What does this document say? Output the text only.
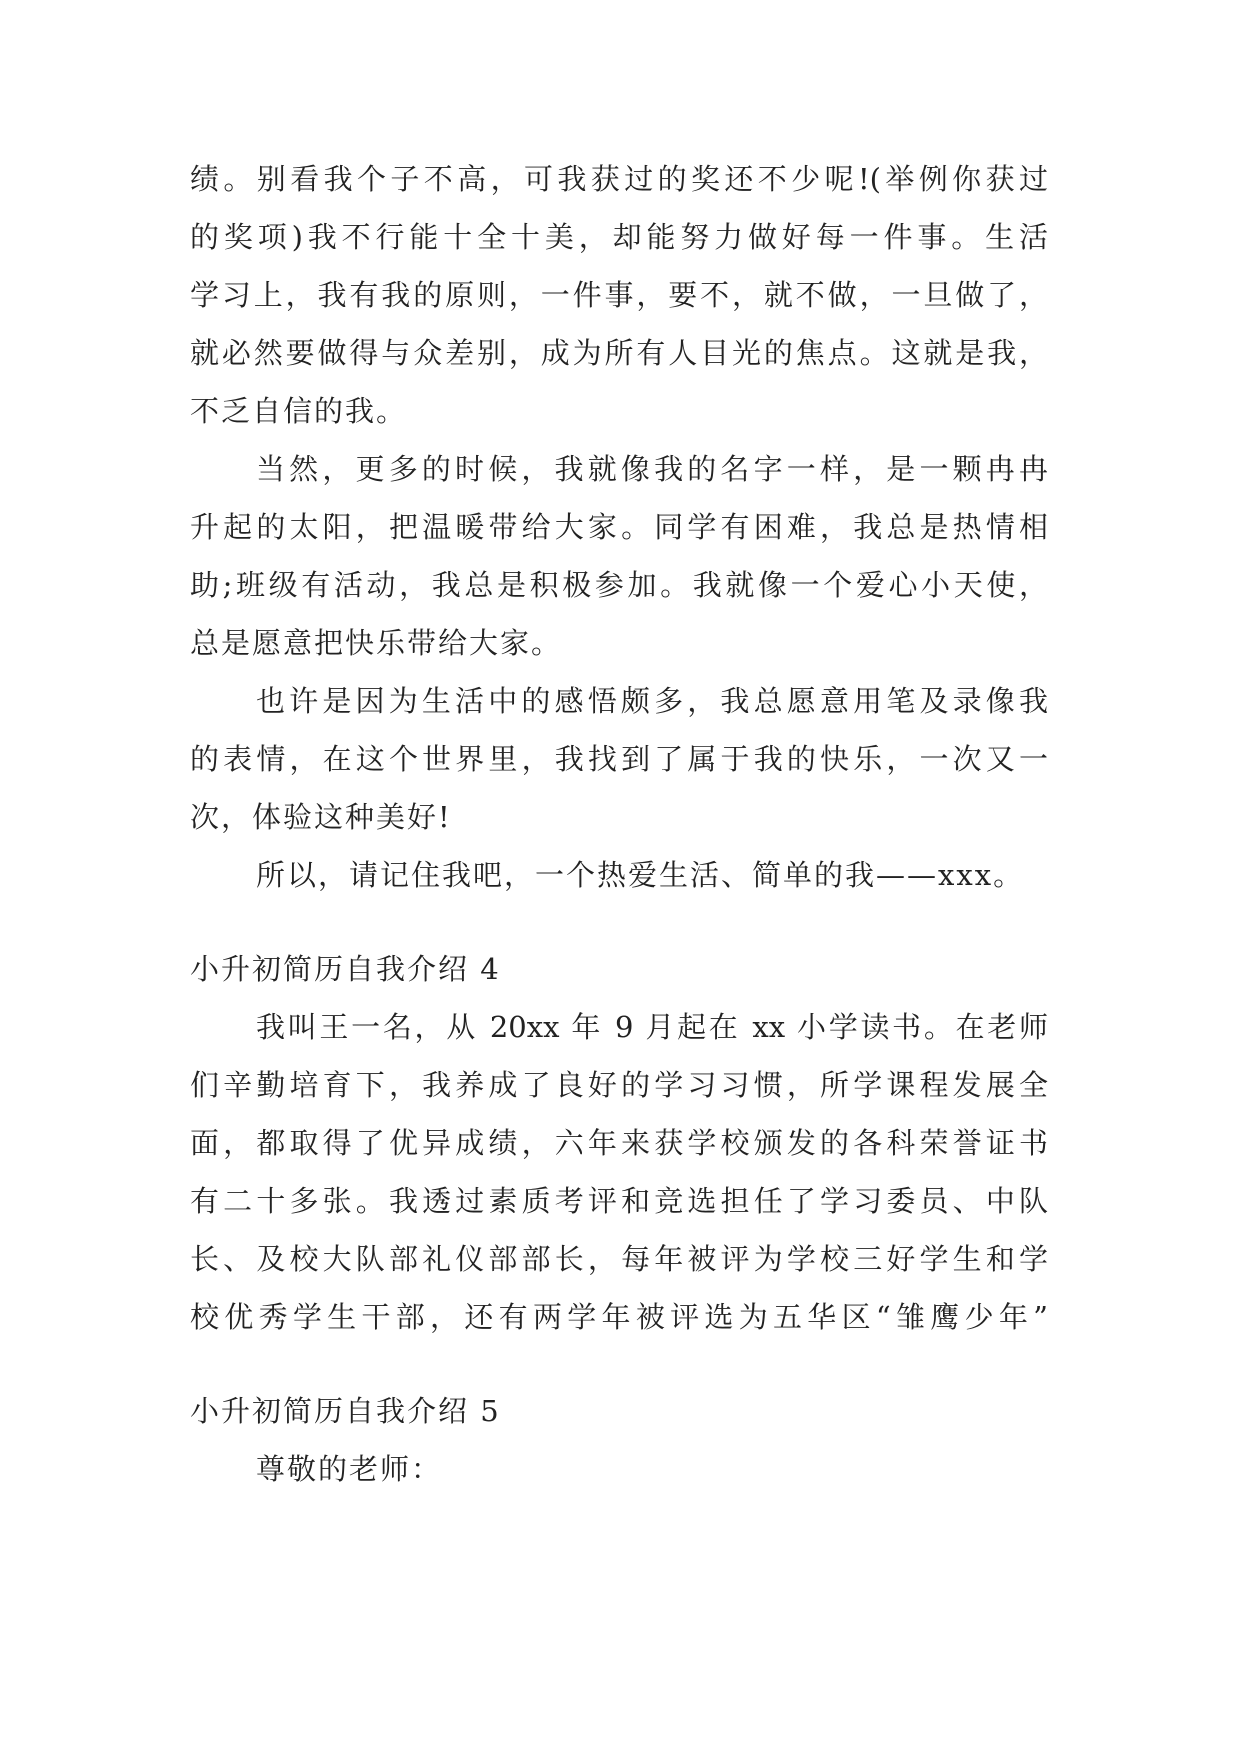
绩。别看我个子不高，可我获过的奖还不少呢!(举例你获过
的奖项)我不行能十全十美，却能努力做好每一件事。生活
学习上，我有我的原则，一件事，要不，就不做，一旦做了，
就必然要做得与众差别，成为所有人目光的焦点。这就是我，
不乏自信的我。
当然，更多的时候，我就像我的名字一样，是一颗冉冉
升起的太阳，把温暖带给大家。同学有困难，我总是热情相
助;班级有活动，我总是积极参加。我就像一个爱心小天使，
总是愿意把快乐带给大家。
也许是因为生活中的感悟颇多，我总愿意用笔及录像我
的表情，在这个世界里，我找到了属于我的快乐，一次又一
次，体验这种美好!
所以，请记住我吧，一个热爱生活、简单的我——xxx。
小升初简历自我介绍 4
我叫王一名，从 20xx 年 9 月起在 xx 小学读书。在老师
们辛勤培育下，我养成了良好的学习习惯，所学课程发展全
面，都取得了优异成绩，六年来获学校颁发的各科荣誉证书
有二十多张。我透过素质考评和竞选担任了学习委员、中队
长、及校大队部礼仪部部长，每年被评为学校三好学生和学
校优秀学生干部，还有两学年被评选为五华区“雏鹰少年”
小升初简历自我介绍 5
尊敬的老师：
